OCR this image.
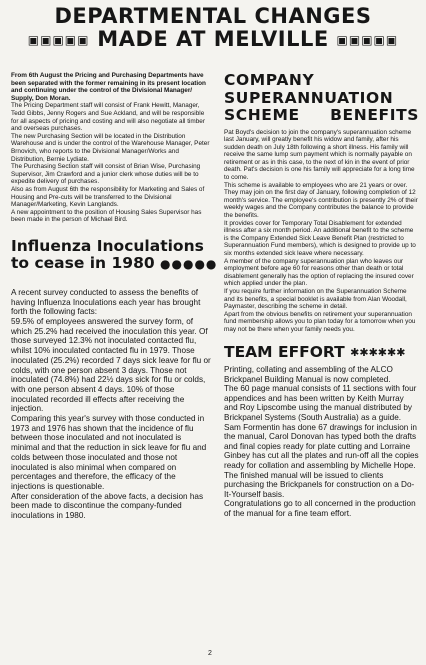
DEPARTMENTAL CHANGES
▣▣▣▣▣ MADE AT MELVILLE ▣▣▣▣▣

From 6th August the Pricing and Purchasing Departments have been separated with the former remaining in its present location and continuing under the control of the Divisional Manager/ Supply, Don Moran.

The Pricing Department staff will consist of Frank Hewitt, Manager, Tedd Gibbs, Jenny Rogers and Sue Ackland, and will be responsible for all aspects of pricing and costing and will also negotiate all timber and overseas purchases.

The new Purchasing Section will be located in the Distribution Warehouse and is under the control of the Warehouse Manager, Peter Brnovich, who reports to the Divisional Manager/Works and Distribution, Bernie Lydiate.

The Purchasing Section staff will consist of Brian Wise, Purchasing Supervisor, Jim Crawford and a junior clerk whose duties will be to expedite delivery of purchases.

Also as from August 6th the responsibility for Marketing and Sales of Housing and Pre-cuts will be transferred to the Divisional Manager/Marketing, Kevin Langlands.

A new appointment to the position of Housing Sales Supervisor has been made in the person of Michael Bird.

Influenza Inoculations

to cease in 1980 ●●●●●

A recent survey conducted to assess the benefits of having Influenza Inoculations each year has brought forth the following facts:

59.5% of employees answered the survey form, of which 25.2% had received the inoculation this year. Of those surveyed 12.3% not inoculated contacted flu, whilst 10% inoculated contacted flu in 1979. Those inoculated (25.2%) recorded 7 days sick leave for flu or colds, with one person absent 3 days. Those not inoculated (74.8%) had 22½ days sick for flu or colds, with one person absent 4 days. 10% of those inoculated recorded ill effects after receiving the injection.

Comparing this year's survey with those conducted in 1973 and 1976 has shown that the incidence of flu between those inoculated and not inoculated is minimal and that the reduction in sick leave for flu and colds between those inoculated and those not inoculated is also minimal when compared on percentages and therefore, the efficacy of the injections is questionable.

After consideration of the above facts, a decision has been made to discontinue the company-funded inoculations in 1980.

COMPANY

SUPERANNUATION

SCHEME BENEFITS

Pat Boyd's decision to join the company's superannuation scheme last January, will greatly benefit his widow and family, after his sudden death on July 18th following a short illness. His family will receive the same lump sum payment which is normally payable on retirement or as in this case, to the next of kin in the event of prior death. Pat's decision is one his family will appreciate for a long time to come.

This scheme is available to employees who are 21 years or over. They may join on the first day of January, following completion of 12 month's service. The employee's contribution is presently 2% of their weekly wages and the Company contributes the balance to provide the benefits.

It provides cover for Temporary Total Disablement for extended illness after a six month period. An additional benefit to the scheme is the Company Extended Sick Leave Benefit Plan (restricted to Superannuation Fund members), which is designed to provide up to six months extended sick leave where necessary.

A member of the company superannuation plan who leaves our employment before age 60 for reasons other than death or total disablement generally has the option of replacing the insured cover which applied under the plan.

If you require further information on the Superannuation Scheme and its benefits, a special booklet is available from Alan Woodall, Paymaster, describing the scheme in detail.

Apart from the obvious benefits on retirement your superannuation fund membership allows you to plan today for a tomorrow when you may not be there when your family needs you.

TEAM EFFORT ✱✱✱✱✱✱

Printing, collating and assembling of the ALCO Brickpanel Building Manual is now completed.

The 60 page manual consists of 11 sections with four appendices and has been written by Keith Murray and Roy Lipscombe using the manual distributed by Brickpanel Systems (South Australia) as a guide.

Sam Formentin has done 67 drawings for inclusion in the manual, Carol Donovan has typed both the drafts and final copies ready for plate cutting and Lorraine Ginbey has cut all the plates and run-off all the copies ready for collation and assembling by Michelle Hope.

The finished manual will be issued to clients purchasing the Brickpanels for construction on a Do-It-Yourself basis.

Congratulations go to all concerned in the production of the manual for a fine team effort.

2
